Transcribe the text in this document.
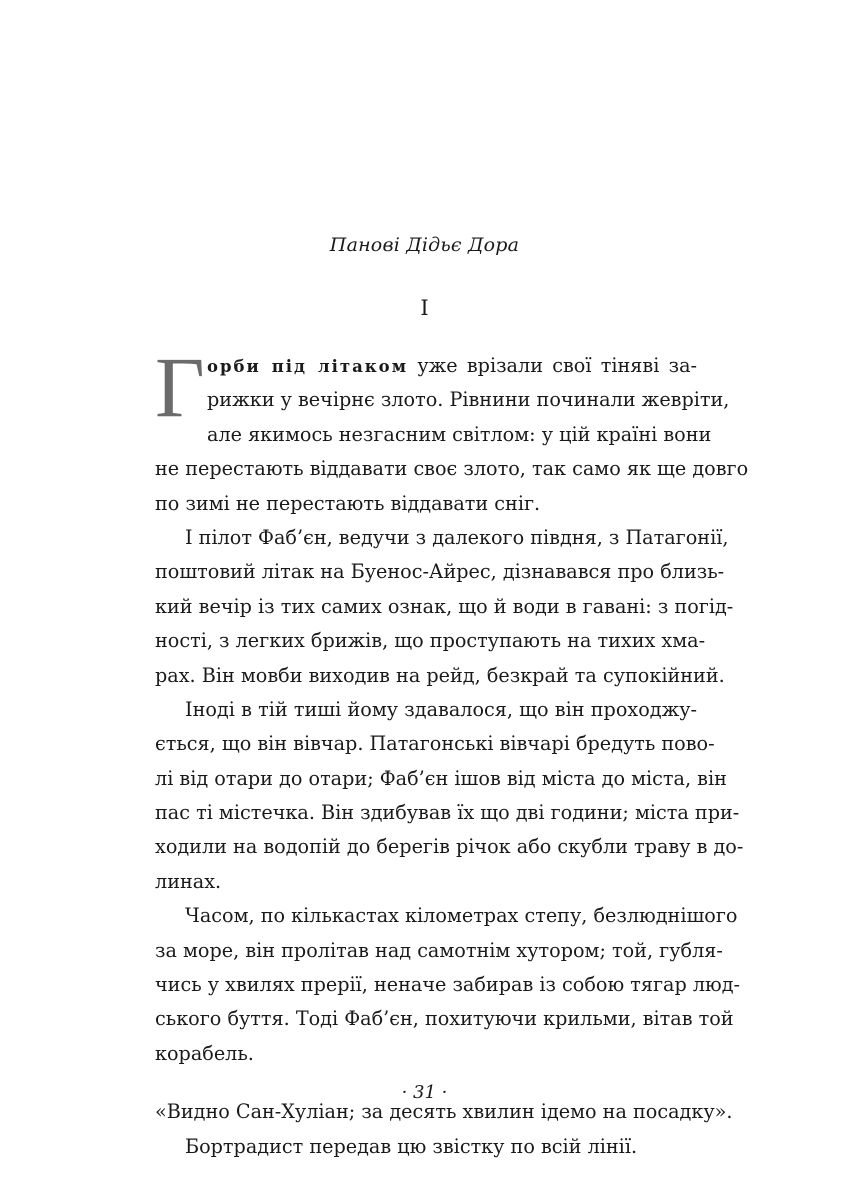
Панові Дідьє Дора
I
Г орби під літаком уже врізали свої тіняві за-
рижки у вечірнє злото. Рівнини починали жеврiти,
але якимось незгасним світлом: у цій країні вони
не перестають віддавати своє злото, так само як ще довго
по зимі не перестають віддавати сніг.
І пілот Фаб’єн, ведучи з далекого півдня, з Патагонії,
поштовий літак на Буенос-Айрес, дізнавався про близь-
кий вечір із тих самих ознак, що й води в гавані: з погід-
ності, з легких брижів, що проступають на тихих хма-
рах. Він мовби виходив на рейд, безкрай та супокійний.
Іноді в тій тиші йому здавалося, що він проходжу-
ється, що він вівчар. Патагонські вівчарі бредуть пово-
лі від отари до отари; Фаб’єн ішов від міста до міста, він
пас ті містечка. Він здибував їх що дві години; міста при-
ходили на водопій до берегів річок або скубли траву в до-
линах.
Часом, по кількастах кілометрах степу, безлюднішого
за море, він пролітав над самотнім хутором; той, губля-
чись у хвилях прерії, неначе забирав із собою тягар люд-
ського буття. Тоді Фаб’єн, похитуючи крильми, вітав той
корабель.
«Видно Сан-Хуліан; за десять хвилин ідемо на посадку».
Бортрадист передав цю звістку по всій лінії.
· 31 ·
